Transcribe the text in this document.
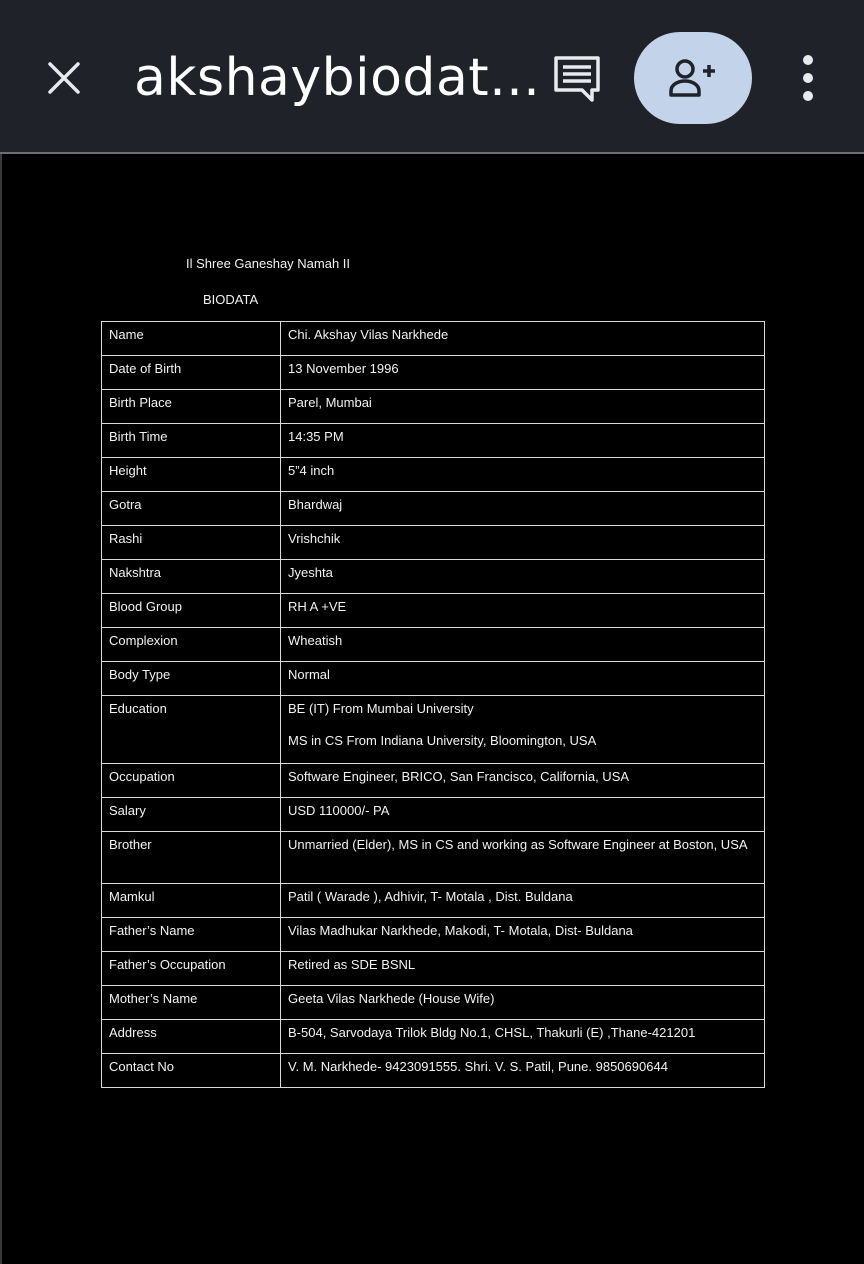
akshaybiodat...
Il Shree Ganeshay Namah II
BIODATA
Name	Chi. Akshay Vilas Narkhede

Date of Birth	13 November 1996

Birth Place	Parel, Mumbai

Birth Time	14:35 PM

Height	5”4 inch

Gotra	Bhardwaj

Rashi	Vrishchik

Nakshtra	Jyeshta

Blood Group	RH A +VE

Complexion	Wheatish

Body Type	Normal

Education	BE (IT) From Mumbai University
MS in CS From Indiana University, Bloomington, USA

Occupation	Software Engineer, BRICO, San Francisco, California, USA

Salary	USD 110000/- PA

Brother	Unmarried (Elder), MS in CS and working as Software Engineer at Boston, USA

Mamkul	Patil ( Warade ), Adhivir, T- Motala , Dist. Buldana

Father’s Name	Vilas Madhukar Narkhede, Makodi, T- Motala, Dist- Buldana

Father’s Occupation	Retired as SDE BSNL

Mother’s Name	Geeta Vilas Narkhede (House Wife)

Address	B-504, Sarvodaya Trilok Bldg No.1, CHSL, Thakurli (E) ,Thane-421201

Contact No	V. M. Narkhede- 9423091555. Shri. V. S. Patil, Pune. 9850690644
